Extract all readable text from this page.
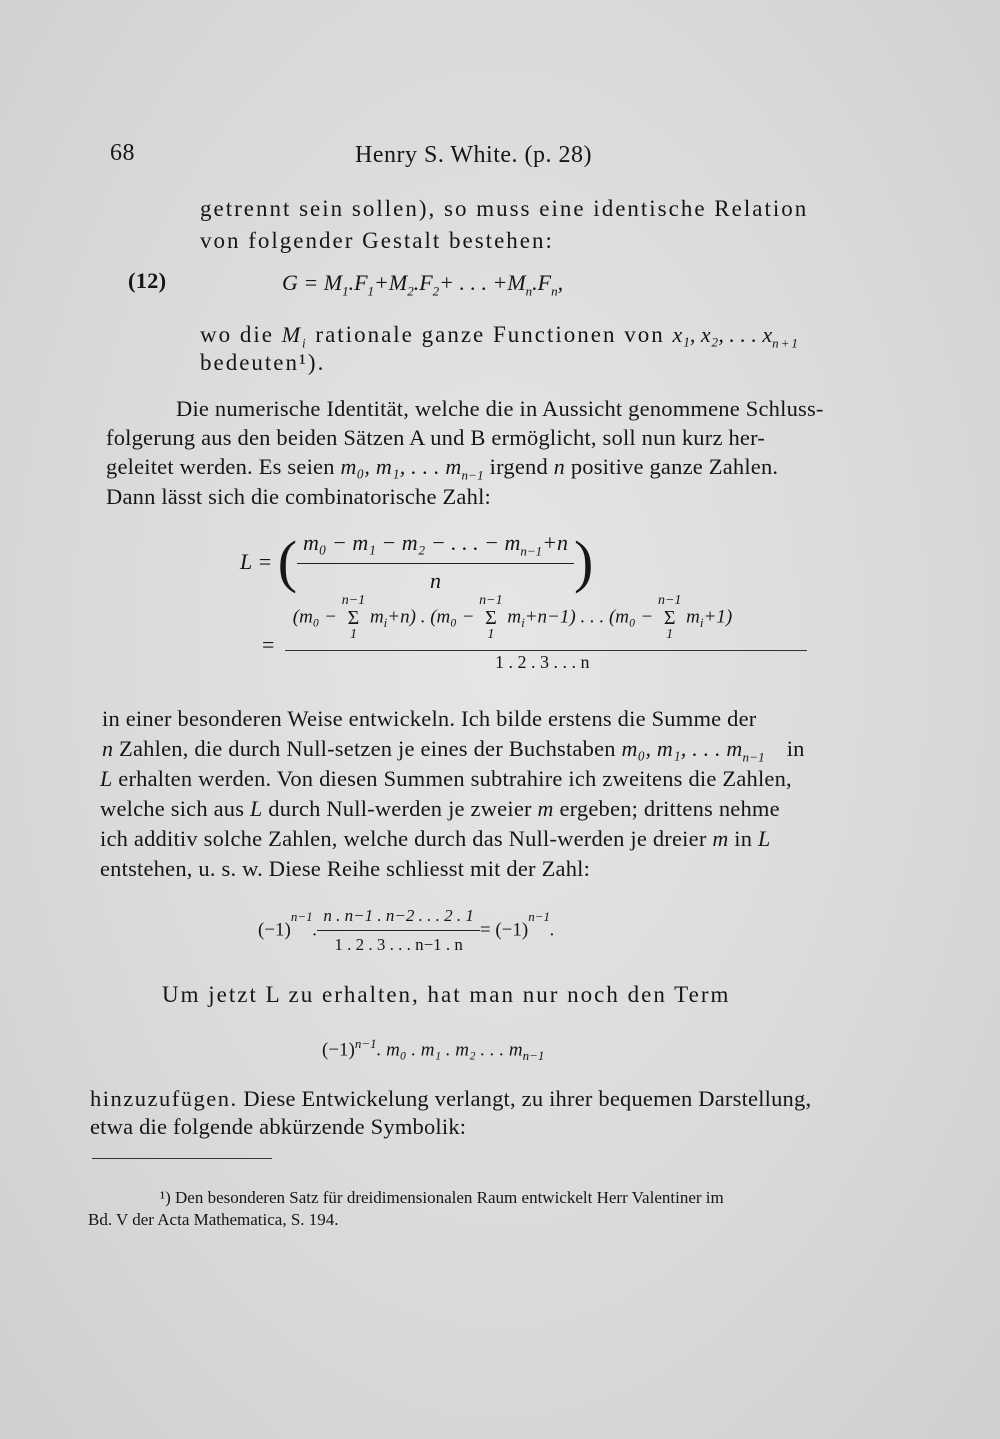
68	Henry S. White. (p. 28)
getrennt sein sollen), so muss eine identische Relation
von folgender Gestalt bestehen:
(12)	$G = M_1.F_1+M_2.F_2+$ . . . $+M_n.F_n$,
wo die $M_i$ rationale ganze Functionen von x₁, x₂, . . . $x_{n+1}$
bedeuten¹).
Die numerische Identität, welche die in Aussicht genommene Schluss-
folgerung aus den beiden Sätzen A und B ermöglicht, soll nun kurz her-
geleitet werden. Es seien m₀, m₁, . . . $m_{n-1}$ irgend n positive ganze Zahlen.
Dann lässt sich die combinatorische Zahl:
L = ( $\frac{m_0 - m_1 - m_2 - . . . - m_{n-1}+n}{n}$ )
(m₀ −
n−1
Σ
1
$m_i+n$) . (m₀ −
n−1
Σ
1
$m_i+n-1$) . . . (m₀ −
n−1
Σ
1
$m_i+1$)
=
1 . 2 . 3 . . . n
in einer besonderen Weise entwickeln. Ich bilde erstens die Summe der
n Zahlen, die durch Null-setzen je eines der Buchstaben m₀, m₁, . . . $m_{n-1}$ in
L erhalten werden. Von diesen Summen subtrahire ich zweitens die Zahlen,
welche sich aus L durch Null-werden je zweier m ergeben; drittens nehme
ich additiv solche Zahlen, welche durch das Null-werden je dreier m in L
entstehen, u. s. w. Diese Reihe schliesst mit der Zahl:
$(-1)^{n-1}$. $\frac{n . n-1 . n-2 . . . 2 . 1}{1 . 2 . 3 . . . n-1 . n} = (-1)^{n-1}$.
Um jetzt L zu erhalten, hat man nur noch den Term
$(-1)^{n-1}$. m₀ . m₁ . m₂ . . . $m_{n-1}$
hinzuzufügen. Diese Entwickelung verlangt, zu ihrer bequemen Darstellung,
etwa die folgende abkürzende Symbolik:
¹) Den besonderen Satz für dreidimensionalen Raum entwickelt Herr Valentiner im
Bd. V der Acta Mathematica, S. 194.
